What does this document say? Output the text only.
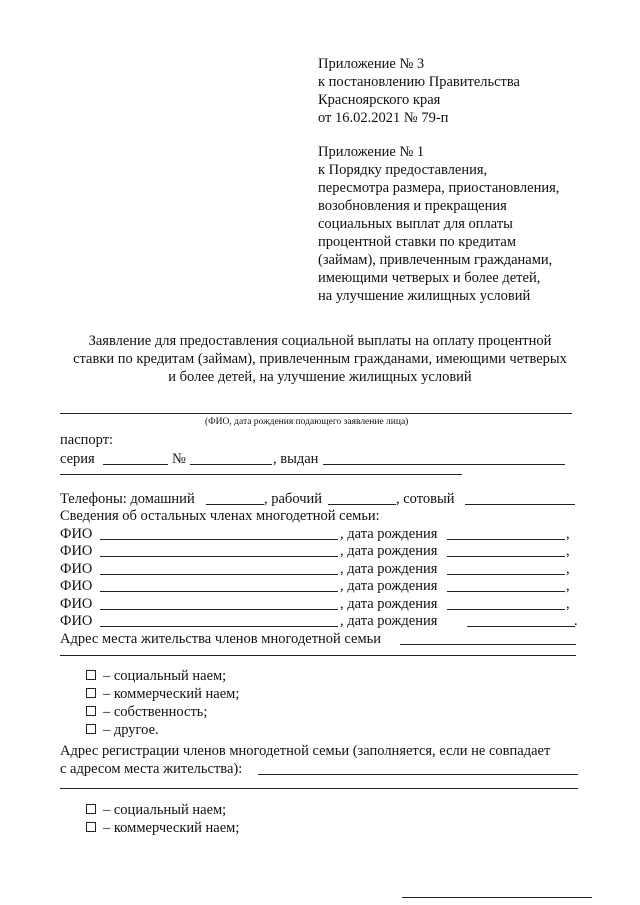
Приложение № 3
к постановлению Правительства
Красноярского края
от 16.02.2021 № 79-п
Приложение № 1
к Порядку предоставления,
пересмотра размера, приостановления,
возобновления и прекращения
социальных выплат для оплаты
процентной ставки по кредитам
(займам), привлеченным гражданами,
имеющими четверых и более детей,
на улучшение жилищных условий
Заявление для предоставления социальной выплаты на оплату процентной
ставки по кредитам (займам), привлеченным гражданами, имеющими четверых
и более детей, на улучшение жилищных условий
(ФИО, дата рождения подающего заявление лица)
паспорт:
серия	№	, выдан
Телефоны: домашний	, рабочий	, сотовый
Сведения об остальных членах многодетной семьи:
ФИО	, дата рождения	,
ФИО	, дата рождения	,
ФИО	, дата рождения	,
ФИО	, дата рождения	,
ФИО	, дата рождения	,
ФИО	, дата рождения	.
Адрес места жительства членов многодетной семьи
– социальный наем;
– коммерческий наем;
– собственность;
– другое.
Адрес регистрации членов многодетной семьи (заполняется, если не совпадает
с адресом места жительства):
– социальный наем;
– коммерческий наем;
